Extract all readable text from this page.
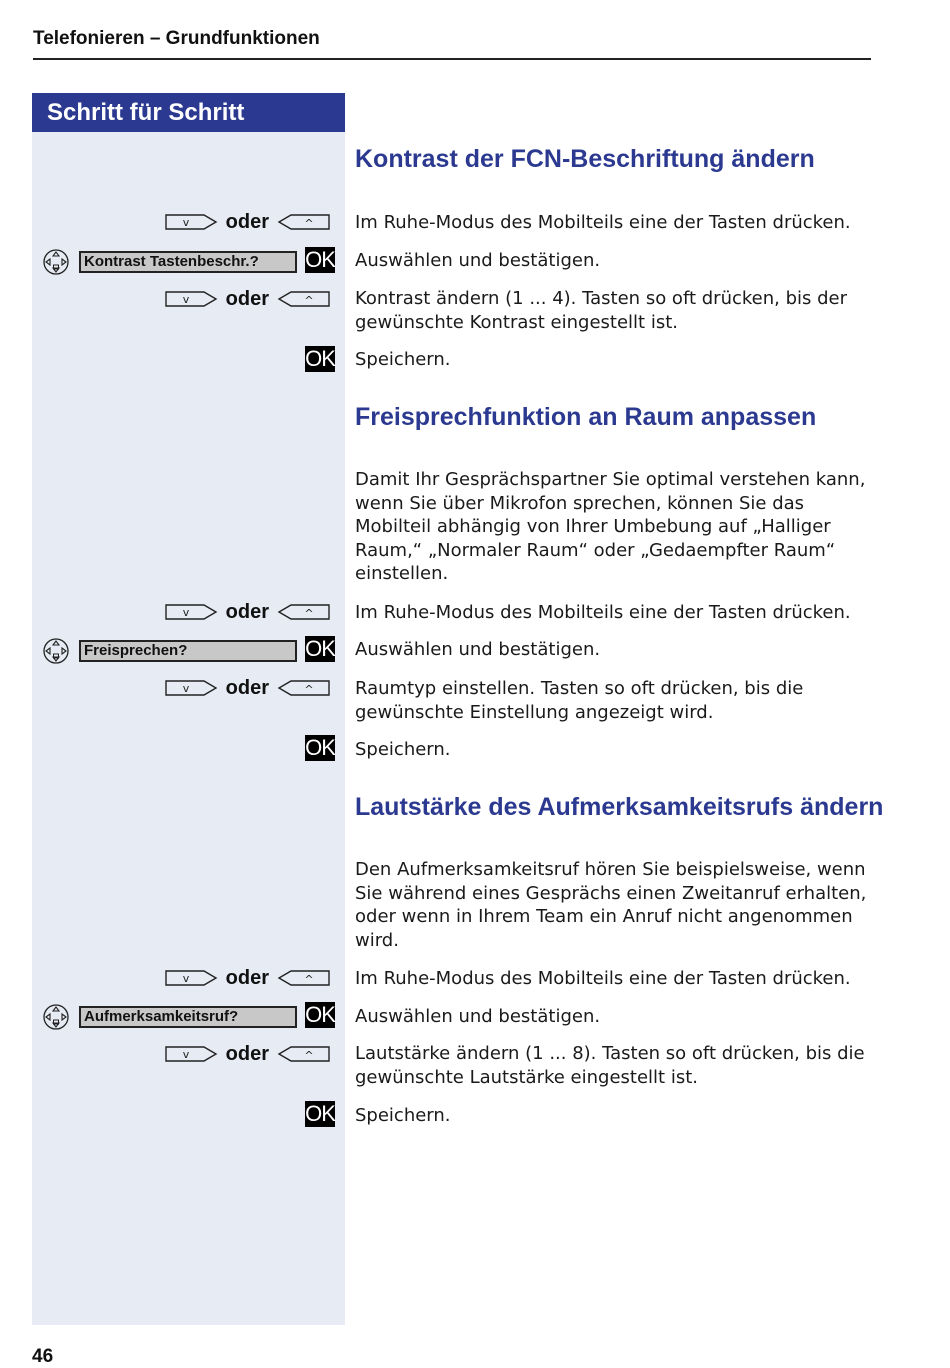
Telefonieren – Grundfunktionen
Schritt für Schritt
Kontrast der FCN-Beschriftung ändern
v oder	^ Im Ruhe-Modus des Mobilteils eine der Tasten drücken.
Kontrast Tastenbeschr.?	OK Auswählen und bestätigen.
v oder	^ Kontrast ändern (1 ... 4). Tasten so oft drücken, bis der gewünschte Kontrast eingestellt ist.
OK Speichern.
Freisprechfunktion an Raum anpassen
Damit Ihr Gesprächspartner Sie optimal verstehen kann, wenn Sie über Mikrofon sprechen, können Sie das Mobilteil abhängig von Ihrer Umbebung auf „Halliger Raum,“ „Normaler Raum“ oder „Gedaempfter Raum“ einstellen.
v oder	^ Im Ruhe-Modus des Mobilteils eine der Tasten drücken.
Freisprechen?	OK Auswählen und bestätigen.
v oder	^ Raumtyp einstellen. Tasten so oft drücken, bis die gewünschte Einstellung angezeigt wird.
OK Speichern.
Lautstärke des Aufmerksamkeitsrufs ändern
Den Aufmerksamkeitsruf hören Sie beispielsweise, wenn Sie während eines Gesprächs einen Zweitanruf erhalten, oder wenn in Ihrem Team ein Anruf nicht angenommen wird.
v oder	^ Im Ruhe-Modus des Mobilteils eine der Tasten drücken.
Aufmerksamkeitsruf?	OK Auswählen und bestätigen.
v oder	^ Lautstärke ändern (1 ... 8). Tasten so oft drücken, bis die gewünschte Lautstärke eingestellt ist.
OK Speichern.
46
